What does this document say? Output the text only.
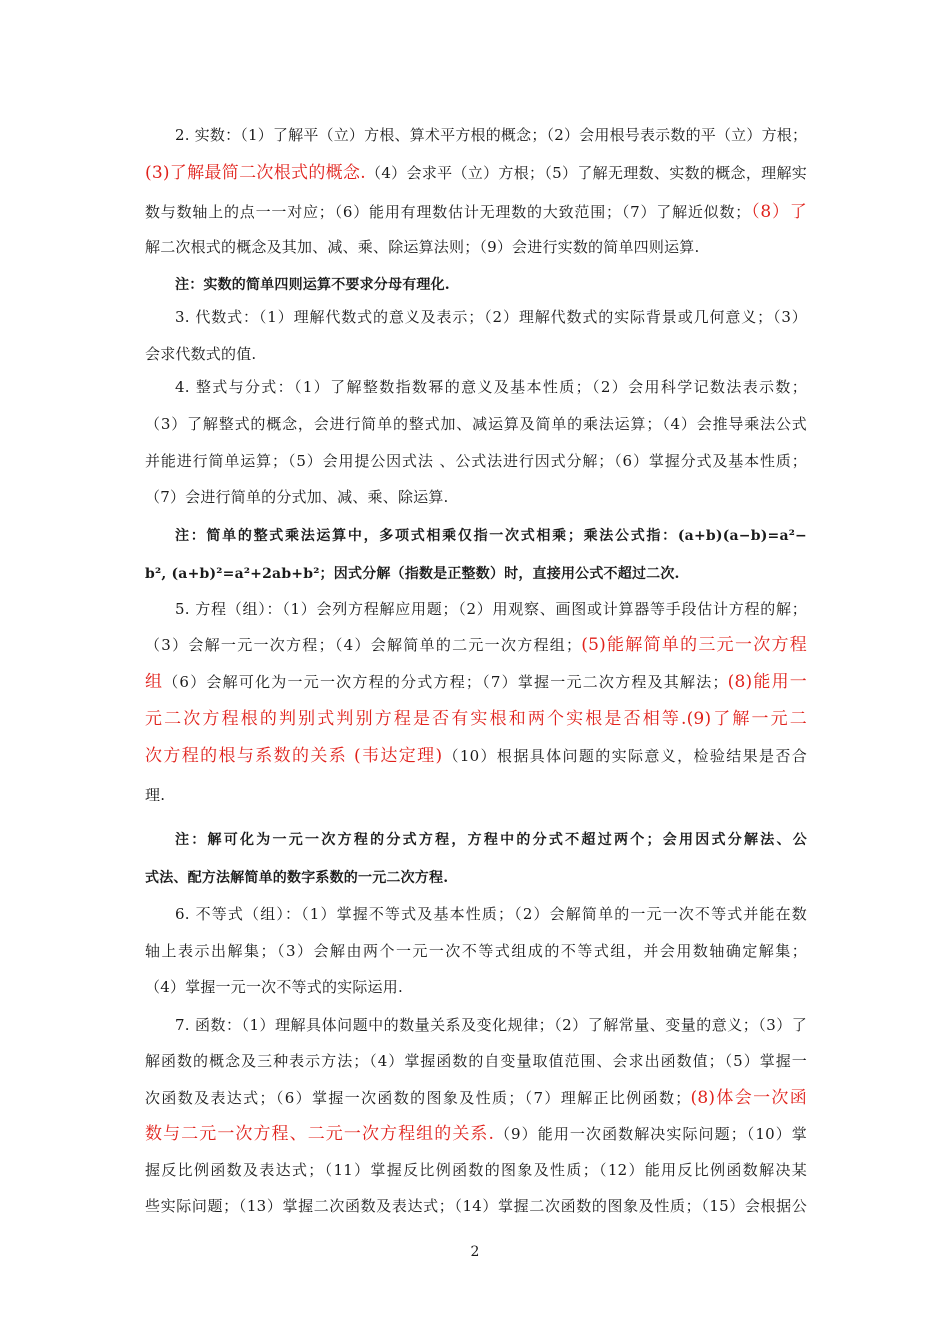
2. 实数：（1）了解平（立）方根、算术平方根的概念；（2）会用根号表示数的平（立）方根；
(3)了解最简二次根式的概念.（4）会求平（立）方根；（5）了解无理数、实数的概念，理解实
数与数轴上的点一一对应；（6）能用有理数估计无理数的大致范围；（7）了解近似数；（8）了
解二次根式的概念及其加、减、乘、除运算法则；（9）会进行实数的简单四则运算.
注：实数的简单四则运算不要求分母有理化.
3. 代数式：（1）理解代数式的意义及表示；（2）理解代数式的实际背景或几何意义；（3）
会求代数式的值.
4. 整式与分式：（1）了解整数指数幂的意义及基本性质；（2）会用科学记数法表示数；
（3）了解整式的概念，会进行简单的整式加、减运算及简单的乘法运算；（4）会推导乘法公式
并能进行简单运算；（5）会用提公因式法 、公式法进行因式分解；（6）掌握分式及基本性质；
（7）会进行简单的分式加、减、乘、除运算.
注：简单的整式乘法运算中，多项式相乘仅指一次式相乘；乘法公式指：(a+b)(a−b)=a²−
b², (a+b)²=a²+2ab+b²；因式分解（指数是正整数）时，直接用公式不超过二次.
5. 方程（组）：（1）会列方程解应用题；（2）用观察、画图或计算器等手段估计方程的解；
（3）会解一元一次方程；（4）会解简单的二元一次方程组；(5)能解简单的三元一次方程
组（6）会解可化为一元一次方程的分式方程；（7）掌握一元二次方程及其解法；(8)能用一
元二次方程根的判别式判别方程是否有实根和两个实根是否相等.(9)了解一元二
次方程的根与系数的关系 (韦达定理)（10）根据具体问题的实际意义，检验结果是否合
理.
注：解可化为一元一次方程的分式方程，方程中的分式不超过两个；会用因式分解法、公
式法、配方法解简单的数字系数的一元二次方程.
6. 不等式（组）：（1）掌握不等式及基本性质；（2）会解简单的一元一次不等式并能在数
轴上表示出解集；（3）会解由两个一元一次不等式组成的不等式组，并会用数轴确定解集；
（4）掌握一元一次不等式的实际运用.
7. 函数：（1）理解具体问题中的数量关系及变化规律；（2）了解常量、变量的意义；（3）了
解函数的概念及三种表示方法；（4）掌握函数的自变量取值范围、会求出函数值；（5）掌握一
次函数及表达式；（6）掌握一次函数的图象及性质；（7）理解正比例函数；(8)体会一次函
数与二元一次方程、二元一次方程组的关系.（9）能用一次函数解决实际问题；（10）掌
握反比例函数及表达式；（11）掌握反比例函数的图象及性质；（12）能用反比例函数解决某
些实际问题；（13）掌握二次函数及表达式；（14）掌握二次函数的图象及性质；（15）会根据公
2
